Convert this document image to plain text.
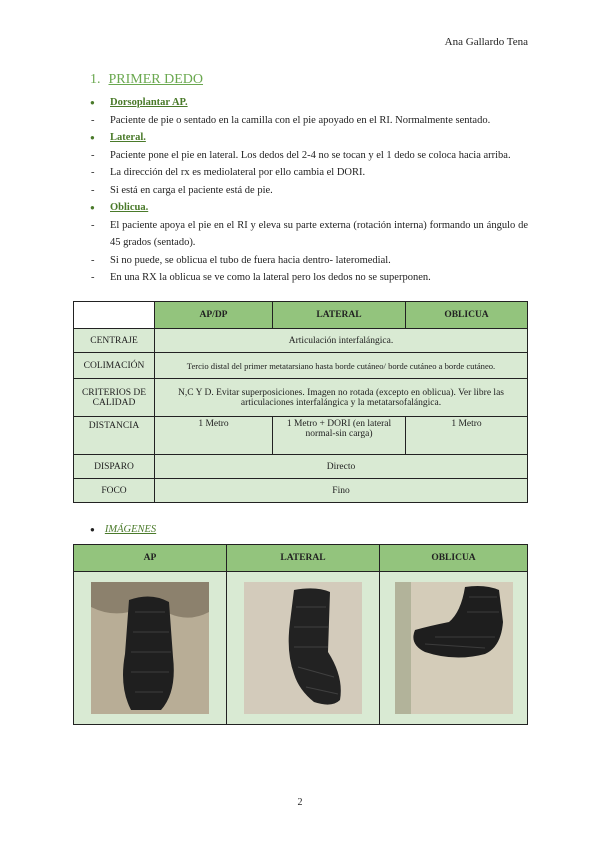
Ana Gallardo Tena
1. PRIMER DEDO
● Dorsoplantar AP.
- Paciente de pie o sentado en la camilla con el pie apoyado en el RI. Normalmente sentado.
● Lateral.
- Paciente pone el pie en lateral. Los dedos del 2-4 no se tocan y el 1 dedo se coloca hacia arriba.
- La dirección del rx es mediolateral por ello cambia el DORI.
- Si está en carga el paciente está de pie.
● Oblicua.
- El paciente apoya el pie en el RI y eleva su parte externa (rotación interna) formando un ángulo de 45 grados (sentado).
- Si no puede, se oblicua el tubo de fuera hacia dentro- lateromedial.
- En una RX la oblicua se ve como la lateral pero los dedos no se superponen.
	AP/DP	LATERAL	OBLICUA
CENTRAJE	Articulación interfalángica.		
COLIMACIÓN	Tercio distal del primer metatarsiano hasta borde cutáneo/ borde cutáneo a borde cutáneo.		
CRITERIOS DE CALIDAD	N,C Y D. Evitar superposiciones. Imagen no rotada (excepto en oblicua). Ver libre las articulaciones interfalángica y la metatarsofalángica.		
DISTANCIA	1 Metro	1 Metro + DORI (en lateral normal-sin carga)	1 Metro
DISPARO	Directo		
FOCO	Fino		
● IMÁGENES
AP	LATERAL	OBLICUA

2
